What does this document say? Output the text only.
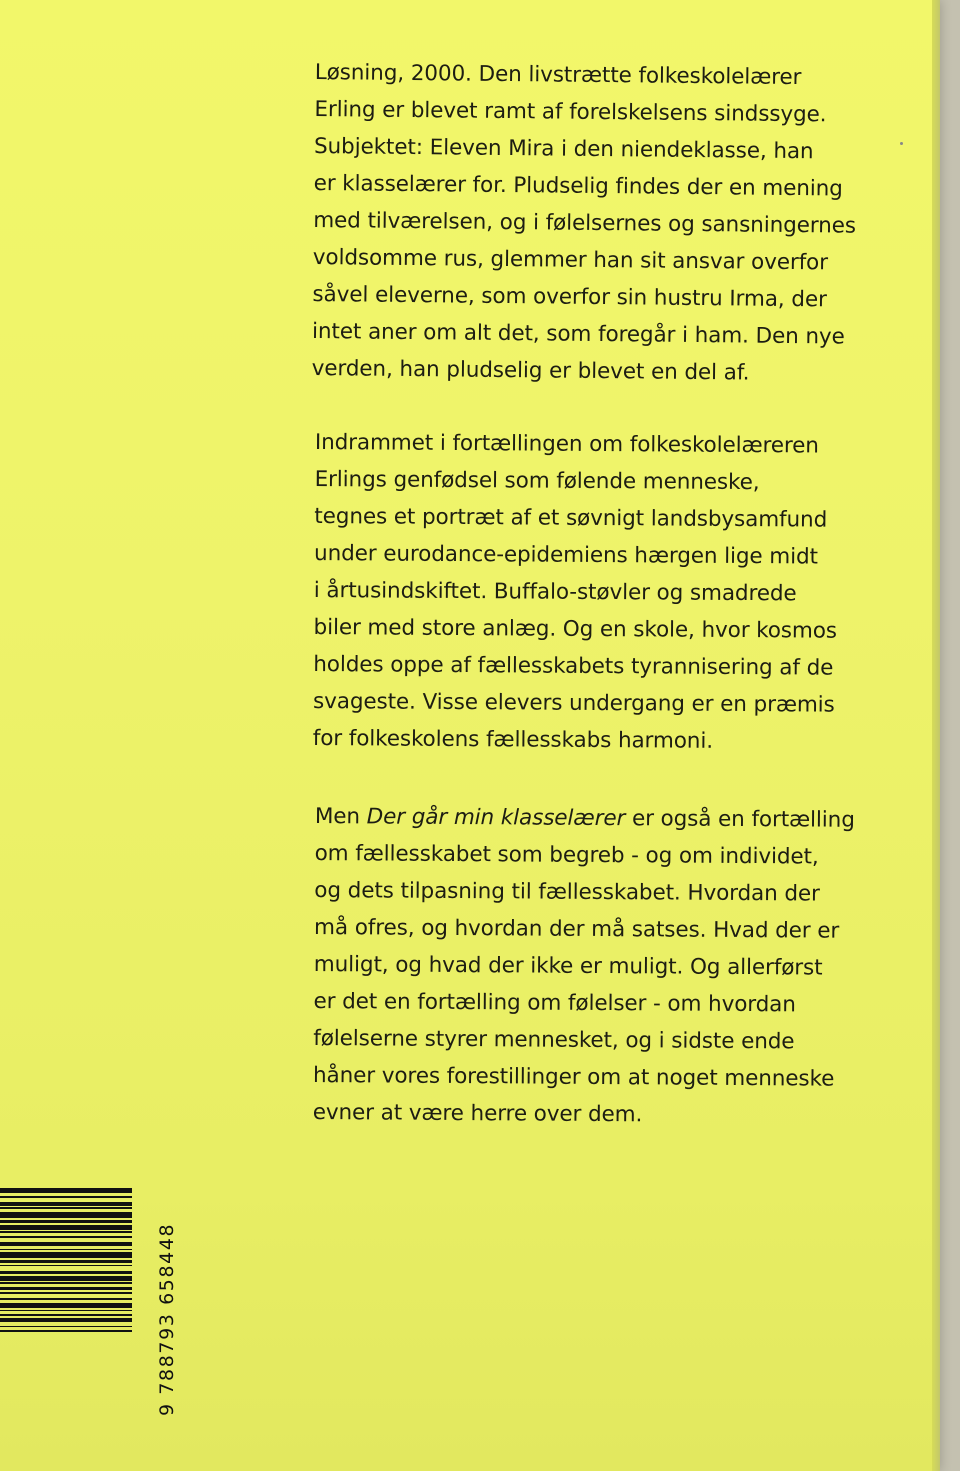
Løsning, 2000. Den livstrætte folkeskolelærer
Erling er blevet ramt af forelskelsens sindssyge.
Subjektet: Eleven Mira i den niendeklasse, han
er klasselærer for. Pludselig findes der en mening
med tilværelsen, og i følelsernes og sansningernes
voldsomme rus, glemmer han sit ansvar overfor
såvel eleverne, som overfor sin hustru Irma, der
intet aner om alt det, som foregår i ham. Den nye
verden, han pludselig er blevet en del af.
Indrammet i fortællingen om folkeskolelæreren
Erlings genfødsel som følende menneske,
tegnes et portræt af et søvnigt landsbysamfund
under eurodance-epidemiens hærgen lige midt
i årtusindskiftet. Buffalo-støvler og smadrede
biler med store anlæg. Og en skole, hvor kosmos
holdes oppe af fællesskabets tyrannisering af de
svageste. Visse elevers undergang er en præmis
for folkeskolens fællesskabs harmoni.
Men Der går min klasselærer er også en fortælling
om fællesskabet som begreb - og om individet,
og dets tilpasning til fællesskabet. Hvordan der
må ofres, og hvordan der må satses. Hvad der er
muligt, og hvad der ikke er muligt. Og allerførst
er det en fortælling om følelser - om hvordan
følelserne styrer mennesket, og i sidste ende
håner vores forestillinger om at noget menneske
evner at være herre over dem.
9 788793 658448
